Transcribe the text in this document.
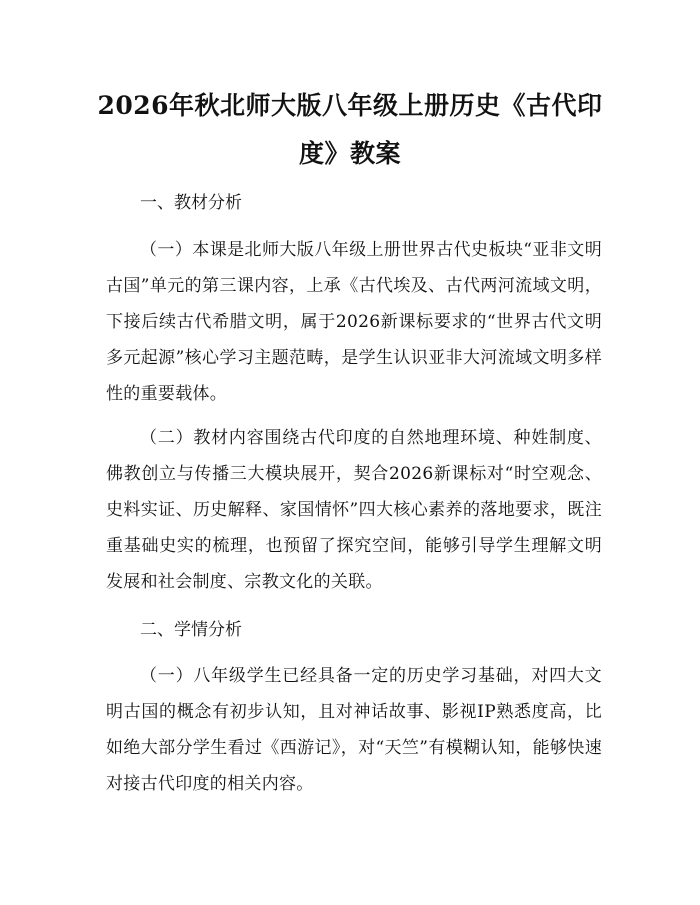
2026年秋北师大版八年级上册历史《古代印度》教案
一、教材分析

（一）本课是北师大版八年级上册世界古代史板块“亚非文明古国”单元的第三课内容，上承《古代埃及、古代两河流域文明，下接后续古代希腊文明，属于2026新课标要求的“世界古代文明多元起源”核心学习主题范畴，是学生认识亚非大河流域文明多样性的重要载体。

（二）教材内容围绕古代印度的自然地理环境、种姓制度、佛教创立与传播三大模块展开，契合2026新课标对“时空观念、史料实证、历史解释、家国情怀”四大核心素养的落地要求，既注重基础史实的梳理，也预留了探究空间，能够引导学生理解文明发展和社会制度、宗教文化的关联。

二、学情分析

（一）八年级学生已经具备一定的历史学习基础，对四大文明古国的概念有初步认知，且对神话故事、影视IP熟悉度高，比如绝大部分学生看过《西游记》，对“天竺”有模糊认知，能够快速对接古代印度的相关内容。
